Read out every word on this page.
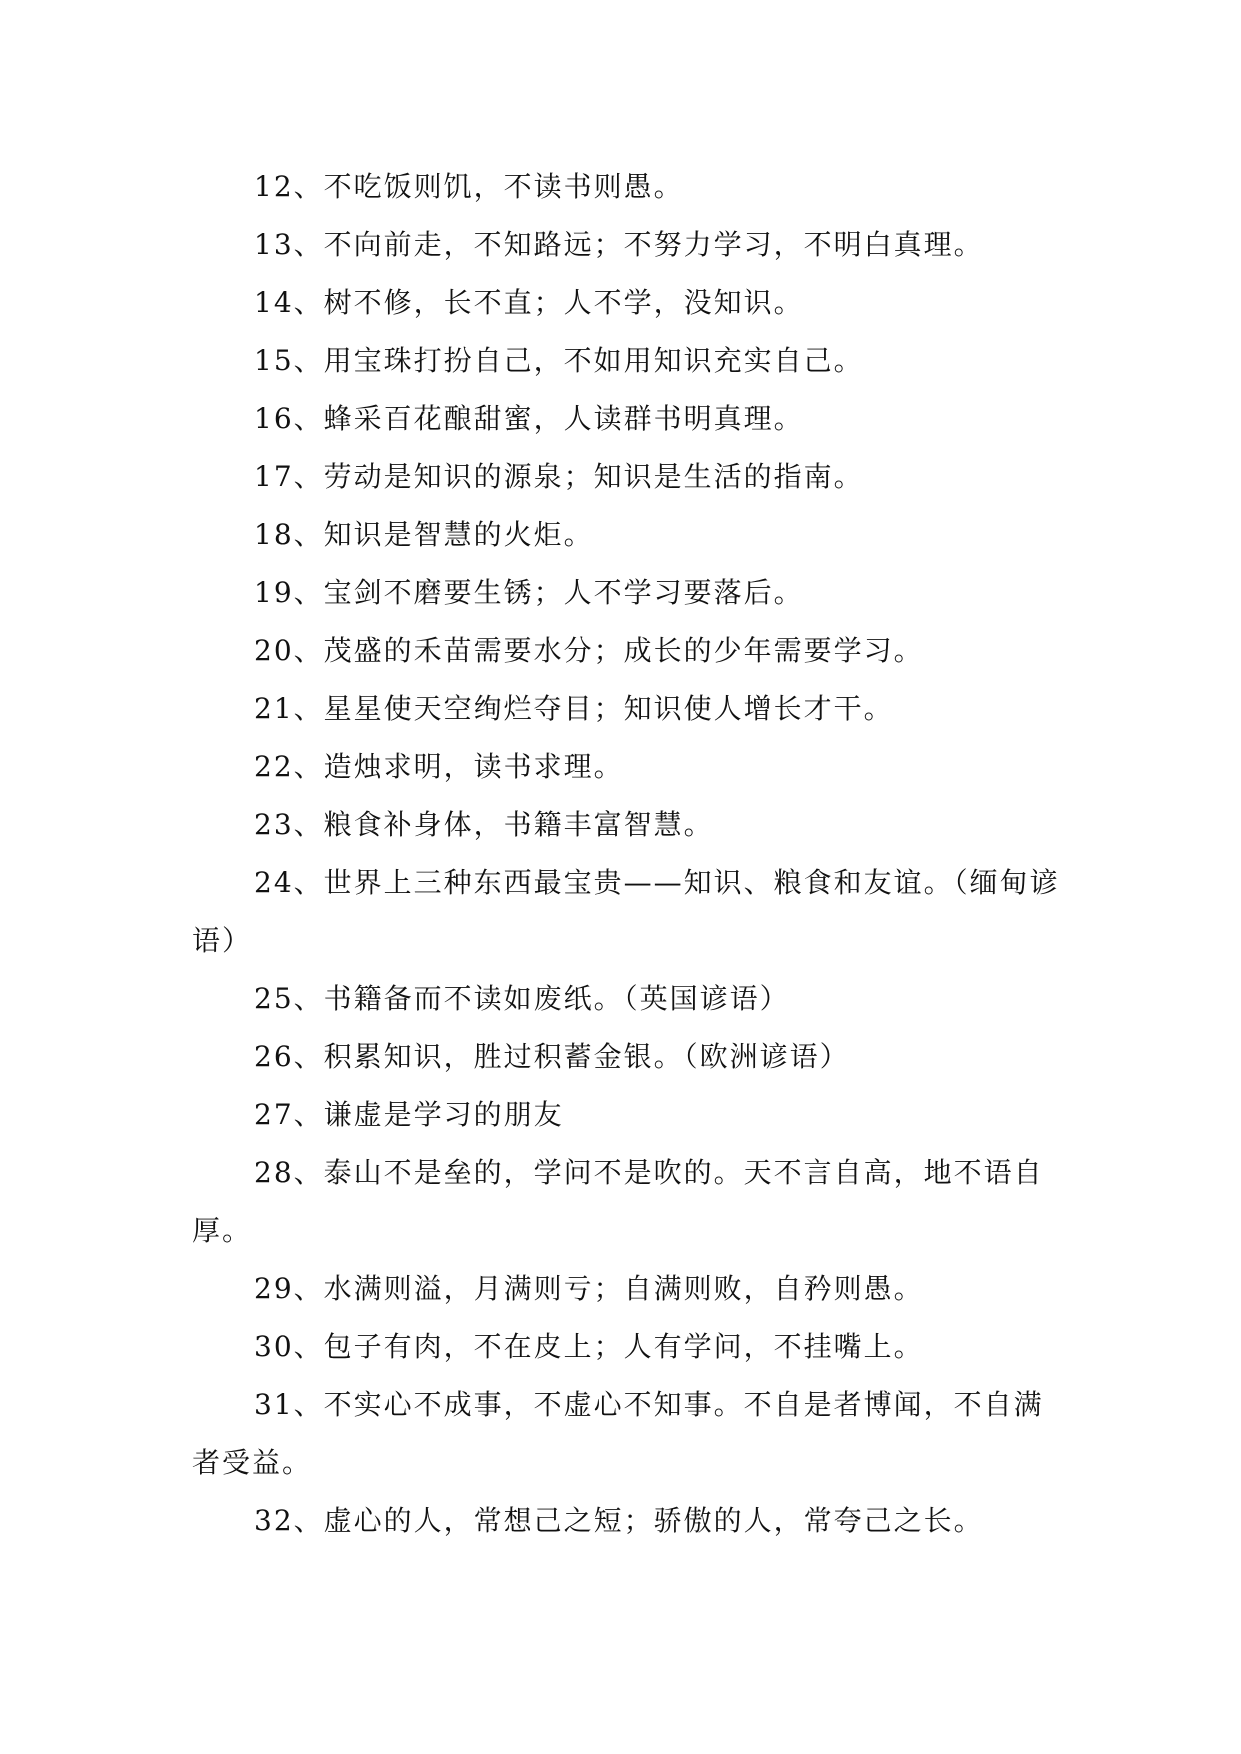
12、不吃饭则饥，不读书则愚。

13、不向前走，不知路远；不努力学习，不明白真理。

14、树不修，长不直；人不学，没知识。

15、用宝珠打扮自己，不如用知识充实自己。

16、蜂采百花酿甜蜜，人读群书明真理。

17、劳动是知识的源泉；知识是生活的指南。

18、知识是智慧的火炬。

19、宝剑不磨要生锈；人不学习要落后。

20、茂盛的禾苗需要水分；成长的少年需要学习。

21、星星使天空绚烂夺目；知识使人增长才干。

22、造烛求明，读书求理。

23、粮食补身体，书籍丰富智慧。

24、世界上三种东西最宝贵——知识、粮食和友谊。（缅甸谚语）

25、书籍备而不读如废纸。（英国谚语）

26、积累知识，胜过积蓄金银。（欧洲谚语）

27、谦虚是学习的朋友

28、泰山不是垒的，学问不是吹的。天不言自高，地不语自厚。

29、水满则溢，月满则亏；自满则败，自矜则愚。

30、包子有肉，不在皮上；人有学问，不挂嘴上。

31、不实心不成事，不虚心不知事。不自是者博闻，不自满者受益。

32、虚心的人，常想己之短；骄傲的人，常夸己之长。
